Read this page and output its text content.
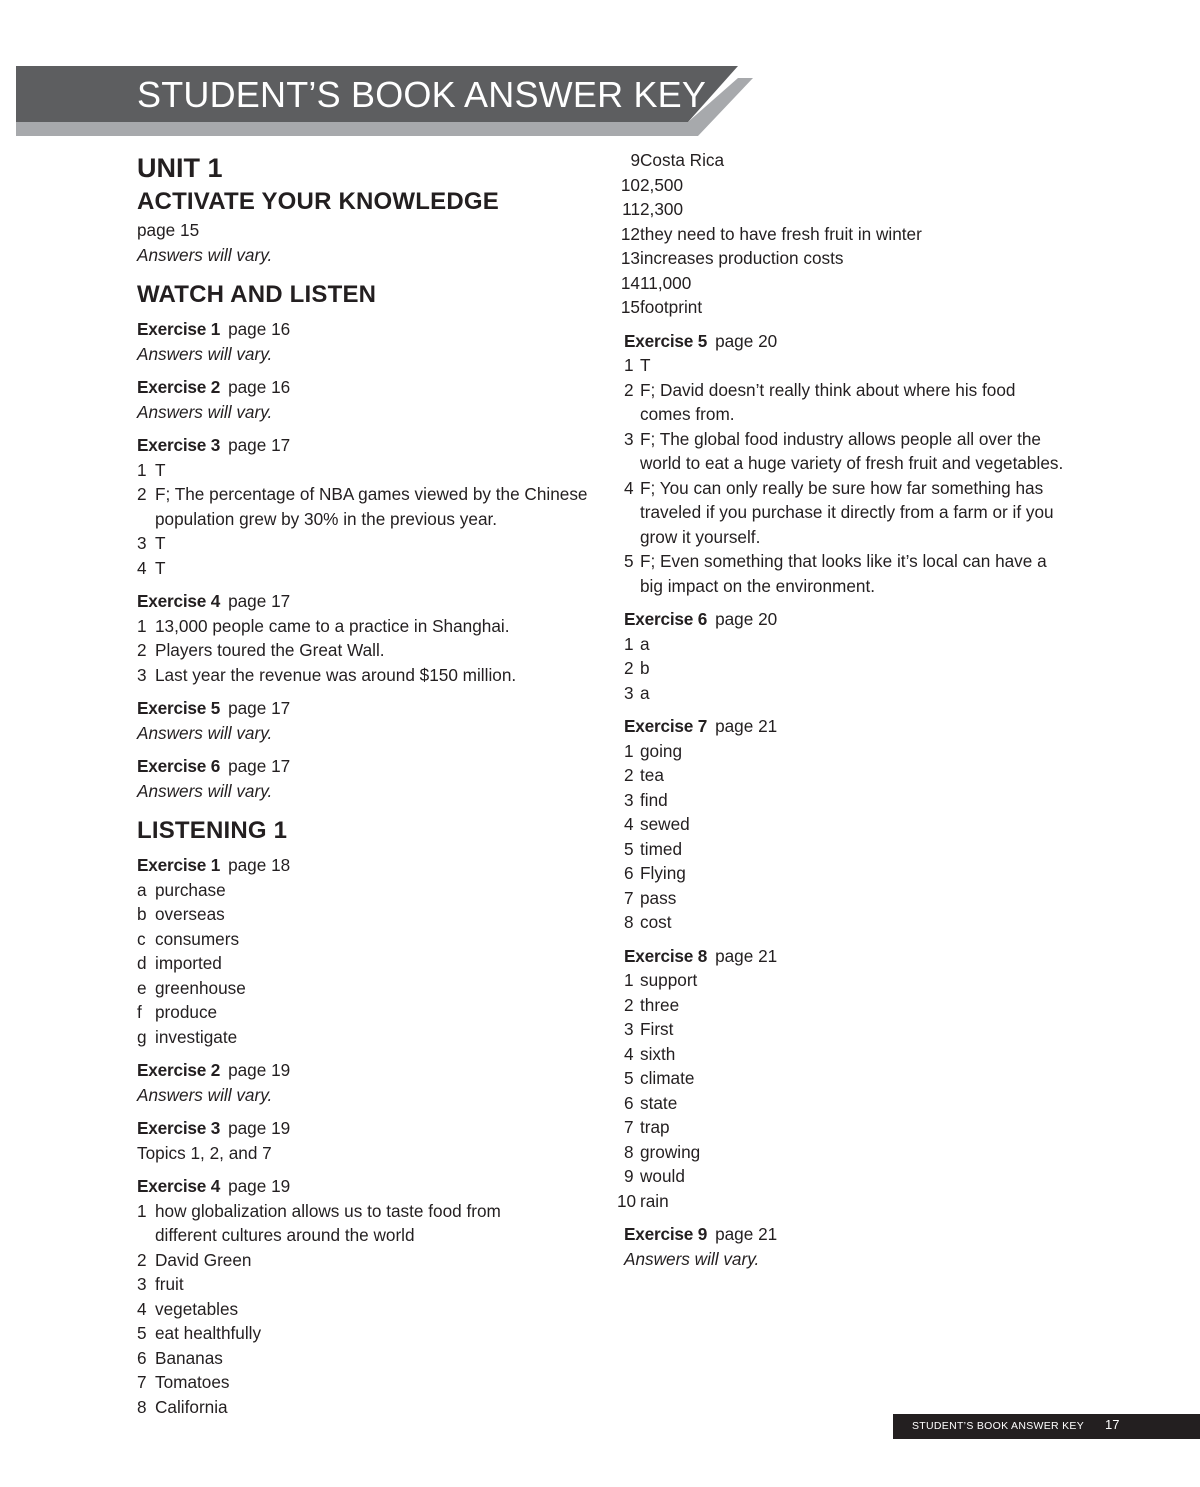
STUDENT’S BOOK ANSWER KEY
UNIT 1
ACTIVATE YOUR KNOWLEDGE

page 15

Answers will vary.

WATCH AND LISTEN

Exercise 1 page 16

Answers will vary.

Exercise 2 page 16

Answers will vary.

Exercise 3 page 17

1 T
2 F; The percentage of NBA games viewed by the Chinese population grew by 30% in the previous year.
3 T
4 T

Exercise 4 page 17

1 13,000 people came to a practice in Shanghai.
2 Players toured the Great Wall.
3 Last year the revenue was around $150 million.

Exercise 5 page 17

Answers will vary.

Exercise 6 page 17

Answers will vary.

LISTENING 1

Exercise 1 page 18

a purchase
b overseas
c consumers
d imported
e greenhouse
f produce
g investigate

Exercise 2 page 19

Answers will vary.

Exercise 3 page 19

Topics 1, 2, and 7

Exercise 4 page 19

1 how globalization allows us to taste food from different cultures around the world
2 David Green
3 fruit
4 vegetables
5 eat healthfully
6 Bananas
7 Tomatoes
8 California
9 Costa Rica
10 2,500
11 2,300
12 they need to have fresh fruit in winter
13 increases production costs
14 11,000
15 footprint

Exercise 5 page 20

1 T
2 F; David doesn’t really think about where his food comes from.
3 F; The global food industry allows people all over the world to eat a huge variety of fresh fruit and vegetables.
4 F; You can only really be sure how far something has traveled if you purchase it directly from a farm or if you grow it yourself.
5 F; Even something that looks like it’s local can have a big impact on the environment.

Exercise 6 page 20

1 a
2 b
3 a

Exercise 7 page 21

1 going
2 tea
3 find
4 sewed
5 timed
6 Flying
7 pass
8 cost

Exercise 8 page 21

1 support
2 three
3 First
4 sixth
5 climate
6 state
7 trap
8 growing
9 would
10 rain

Exercise 9 page 21

Answers will vary.

STUDENT’S BOOK ANSWER KEY 17
